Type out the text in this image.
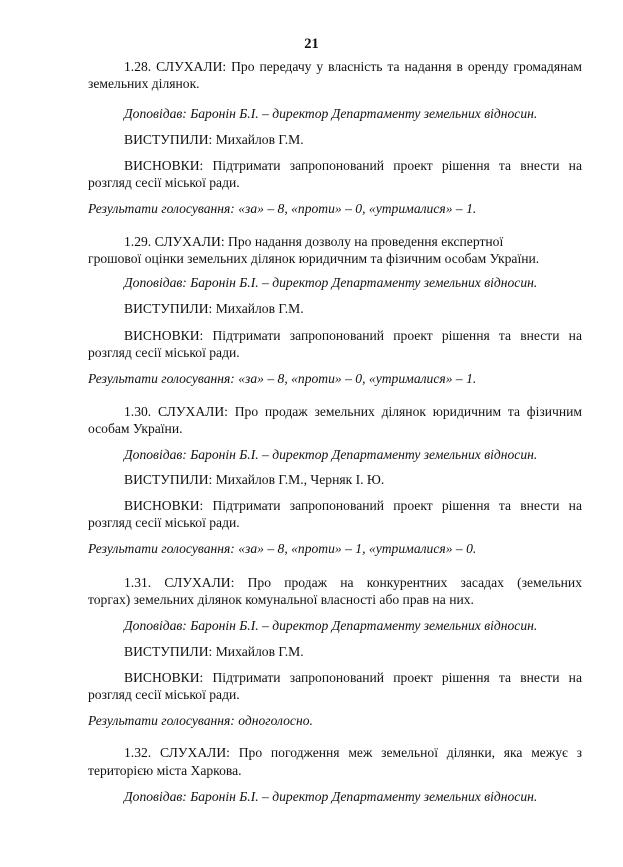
21
1.28. СЛУХАЛИ: Про передачу у власність та надання в оренду громадянам
земельних ділянок.
Доповідав: Баронін Б.І. – директор Департаменту земельних відносин.
ВИСТУПИЛИ: Михайлов Г.М.
ВИСНОВКИ: Підтримати запропонований проект рішення та внести на
розгляд сесії міської ради.
Результати голосування: «за» – 8, «проти» – 0, «утрималися» – 1.
1.29. СЛУХАЛИ: Про надання дозволу на проведення експертної
грошової оцінки земельних ділянок юридичним та фізичним особам України.
Доповідав: Баронін Б.І. – директор Департаменту земельних відносин.
ВИСТУПИЛИ: Михайлов Г.М.
ВИСНОВКИ: Підтримати запропонований проект рішення та внести на
розгляд сесії міської ради.
Результати голосування: «за» – 8, «проти» – 0, «утрималися» – 1.
1.30. СЛУХАЛИ: Про продаж земельних ділянок юридичним та фізичним
особам України.
Доповідав: Баронін Б.І. – директор Департаменту земельних відносин.
ВИСТУПИЛИ: Михайлов Г.М., Черняк І. Ю.
ВИСНОВКИ: Підтримати запропонований проект рішення та внести на
розгляд сесії міської ради.
Результати голосування: «за» – 8, «проти» – 1, «утрималися» – 0.
1.31. СЛУХАЛИ: Про продаж на конкурентних засадах (земельних
торгах) земельних ділянок комунальної власності або прав на них.
Доповідав: Баронін Б.І. – директор Департаменту земельних відносин.
ВИСТУПИЛИ: Михайлов Г.М.
ВИСНОВКИ: Підтримати запропонований проект рішення та внести на
розгляд сесії міської ради.
Результати голосування: одноголосно.
1.32. СЛУХАЛИ: Про погодження меж земельної ділянки, яка межує з
територією міста Харкова.
Доповідав: Баронін Б.І. – директор Департаменту земельних відносин.
